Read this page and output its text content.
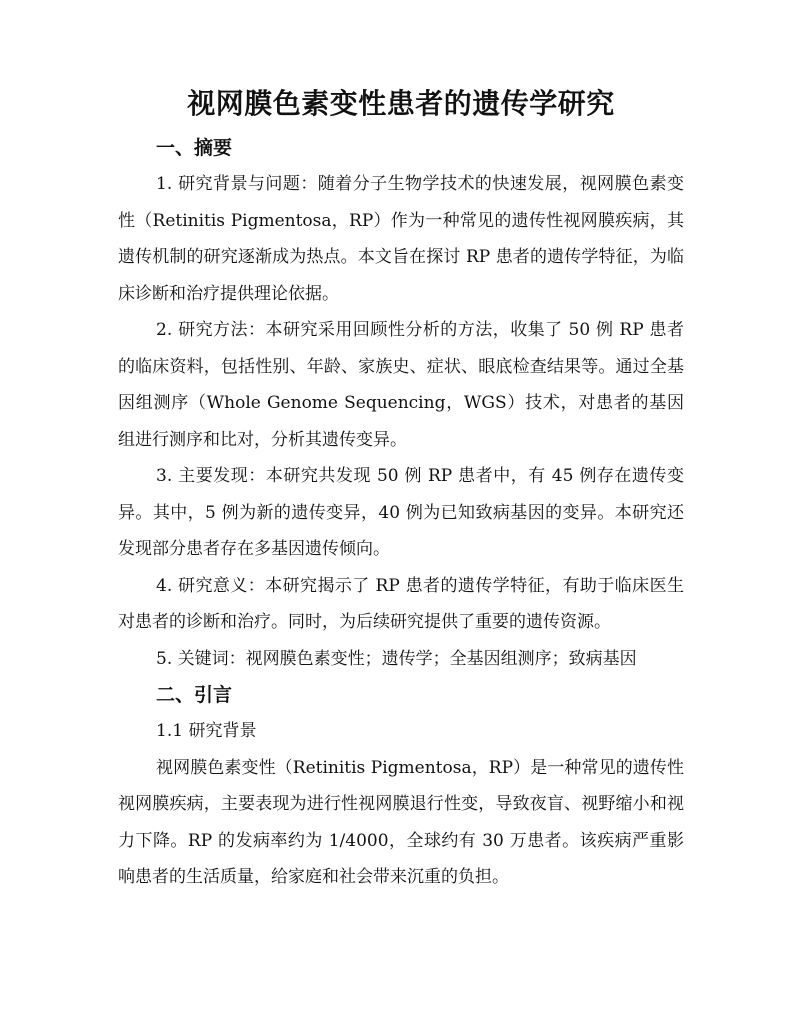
视网膜色素变性患者的遗传学研究
一、摘要

1. 研究背景与问题：随着分子生物学技术的快速发展，视网膜色素变性（Retinitis Pigmentosa，RP）作为一种常见的遗传性视网膜疾病，其遗传机制的研究逐渐成为热点。本文旨在探讨 RP 患者的遗传学特征，为临床诊断和治疗提供理论依据。

2. 研究方法：本研究采用回顾性分析的方法，收集了 50 例 RP 患者的临床资料，包括性别、年龄、家族史、症状、眼底检查结果等。通过全基因组测序（Whole Genome Sequencing，WGS）技术，对患者的基因组进行测序和比对，分析其遗传变异。

3. 主要发现：本研究共发现 50 例 RP 患者中，有 45 例存在遗传变异。其中，5 例为新的遗传变异，40 例为已知致病基因的变异。本研究还发现部分患者存在多基因遗传倾向。

4. 研究意义：本研究揭示了 RP 患者的遗传学特征，有助于临床医生对患者的诊断和治疗。同时，为后续研究提供了重要的遗传资源。

5. 关键词：视网膜色素变性；遗传学；全基因组测序；致病基因

二、引言

1.1 研究背景

视网膜色素变性（Retinitis Pigmentosa，RP）是一种常见的遗传性视网膜疾病，主要表现为进行性视网膜退行性变，导致夜盲、视野缩小和视力下降。RP 的发病率约为 1/4000，全球约有 30 万患者。该疾病严重影响患者的生活质量，给家庭和社会带来沉重的负担。
